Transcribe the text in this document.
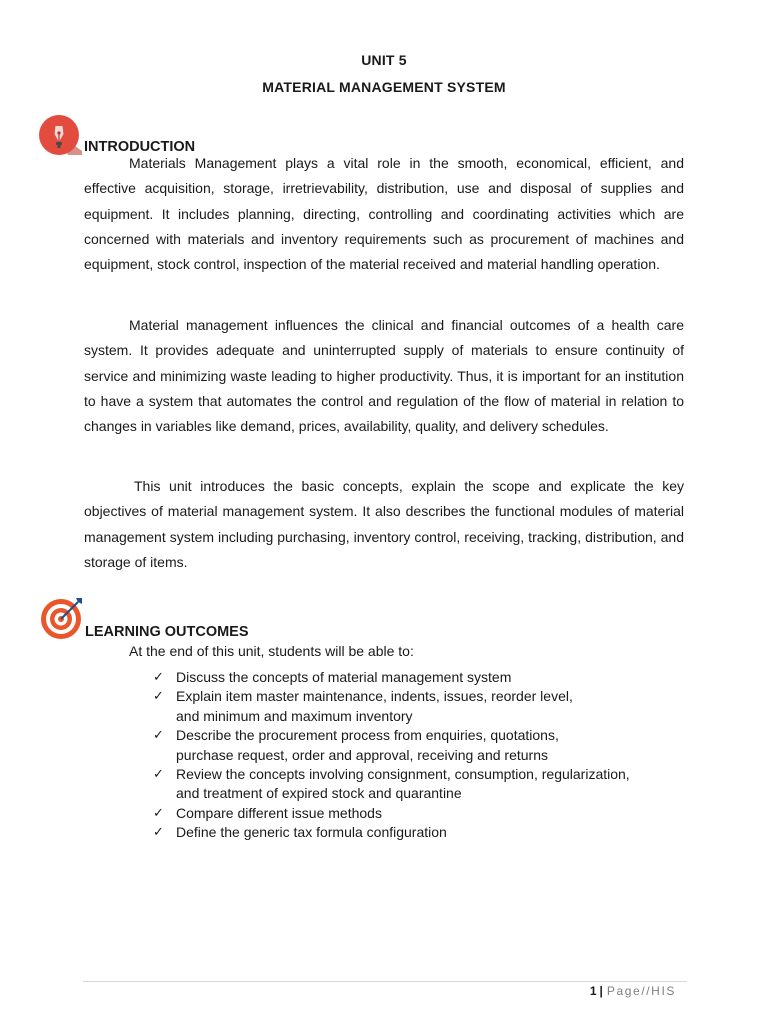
UNIT 5
MATERIAL MANAGEMENT SYSTEM
INTRODUCTION

Materials Management plays a vital role in the smooth, economical, efficient, and effective acquisition, storage, irretrievability, distribution, use and disposal of supplies and equipment. It includes planning, directing, controlling and coordinating activities which are concerned with materials and inventory requirements such as procurement of machines and equipment, stock control, inspection of the material received and material handling operation.

Material management influences the clinical and financial outcomes of a health care system. It provides adequate and uninterrupted supply of materials to ensure continuity of service and minimizing waste leading to higher productivity. Thus, it is important for an institution to have a system that automates the control and regulation of the flow of material in relation to changes in variables like demand, prices, availability, quality, and delivery schedules.

This unit introduces the basic concepts, explain the scope and explicate the key objectives of material management system. It also describes the functional modules of material management system including purchasing, inventory control, receiving, tracking, distribution, and storage of items.

LEARNING OUTCOMES
At the end of this unit, students will be able to:
✓ Discuss the concepts of material management system
✓ Explain item master maintenance, indents, issues, reorder level,
and minimum and maximum inventory
✓ Describe the procurement process from enquiries, quotations,
purchase request, order and approval, receiving and returns
✓ Review the concepts involving consignment, consumption, regularization,
and treatment of expired stock and quarantine
✓ Compare different issue methods
✓ Define the generic tax formula configuration
1 | Page//HIS
